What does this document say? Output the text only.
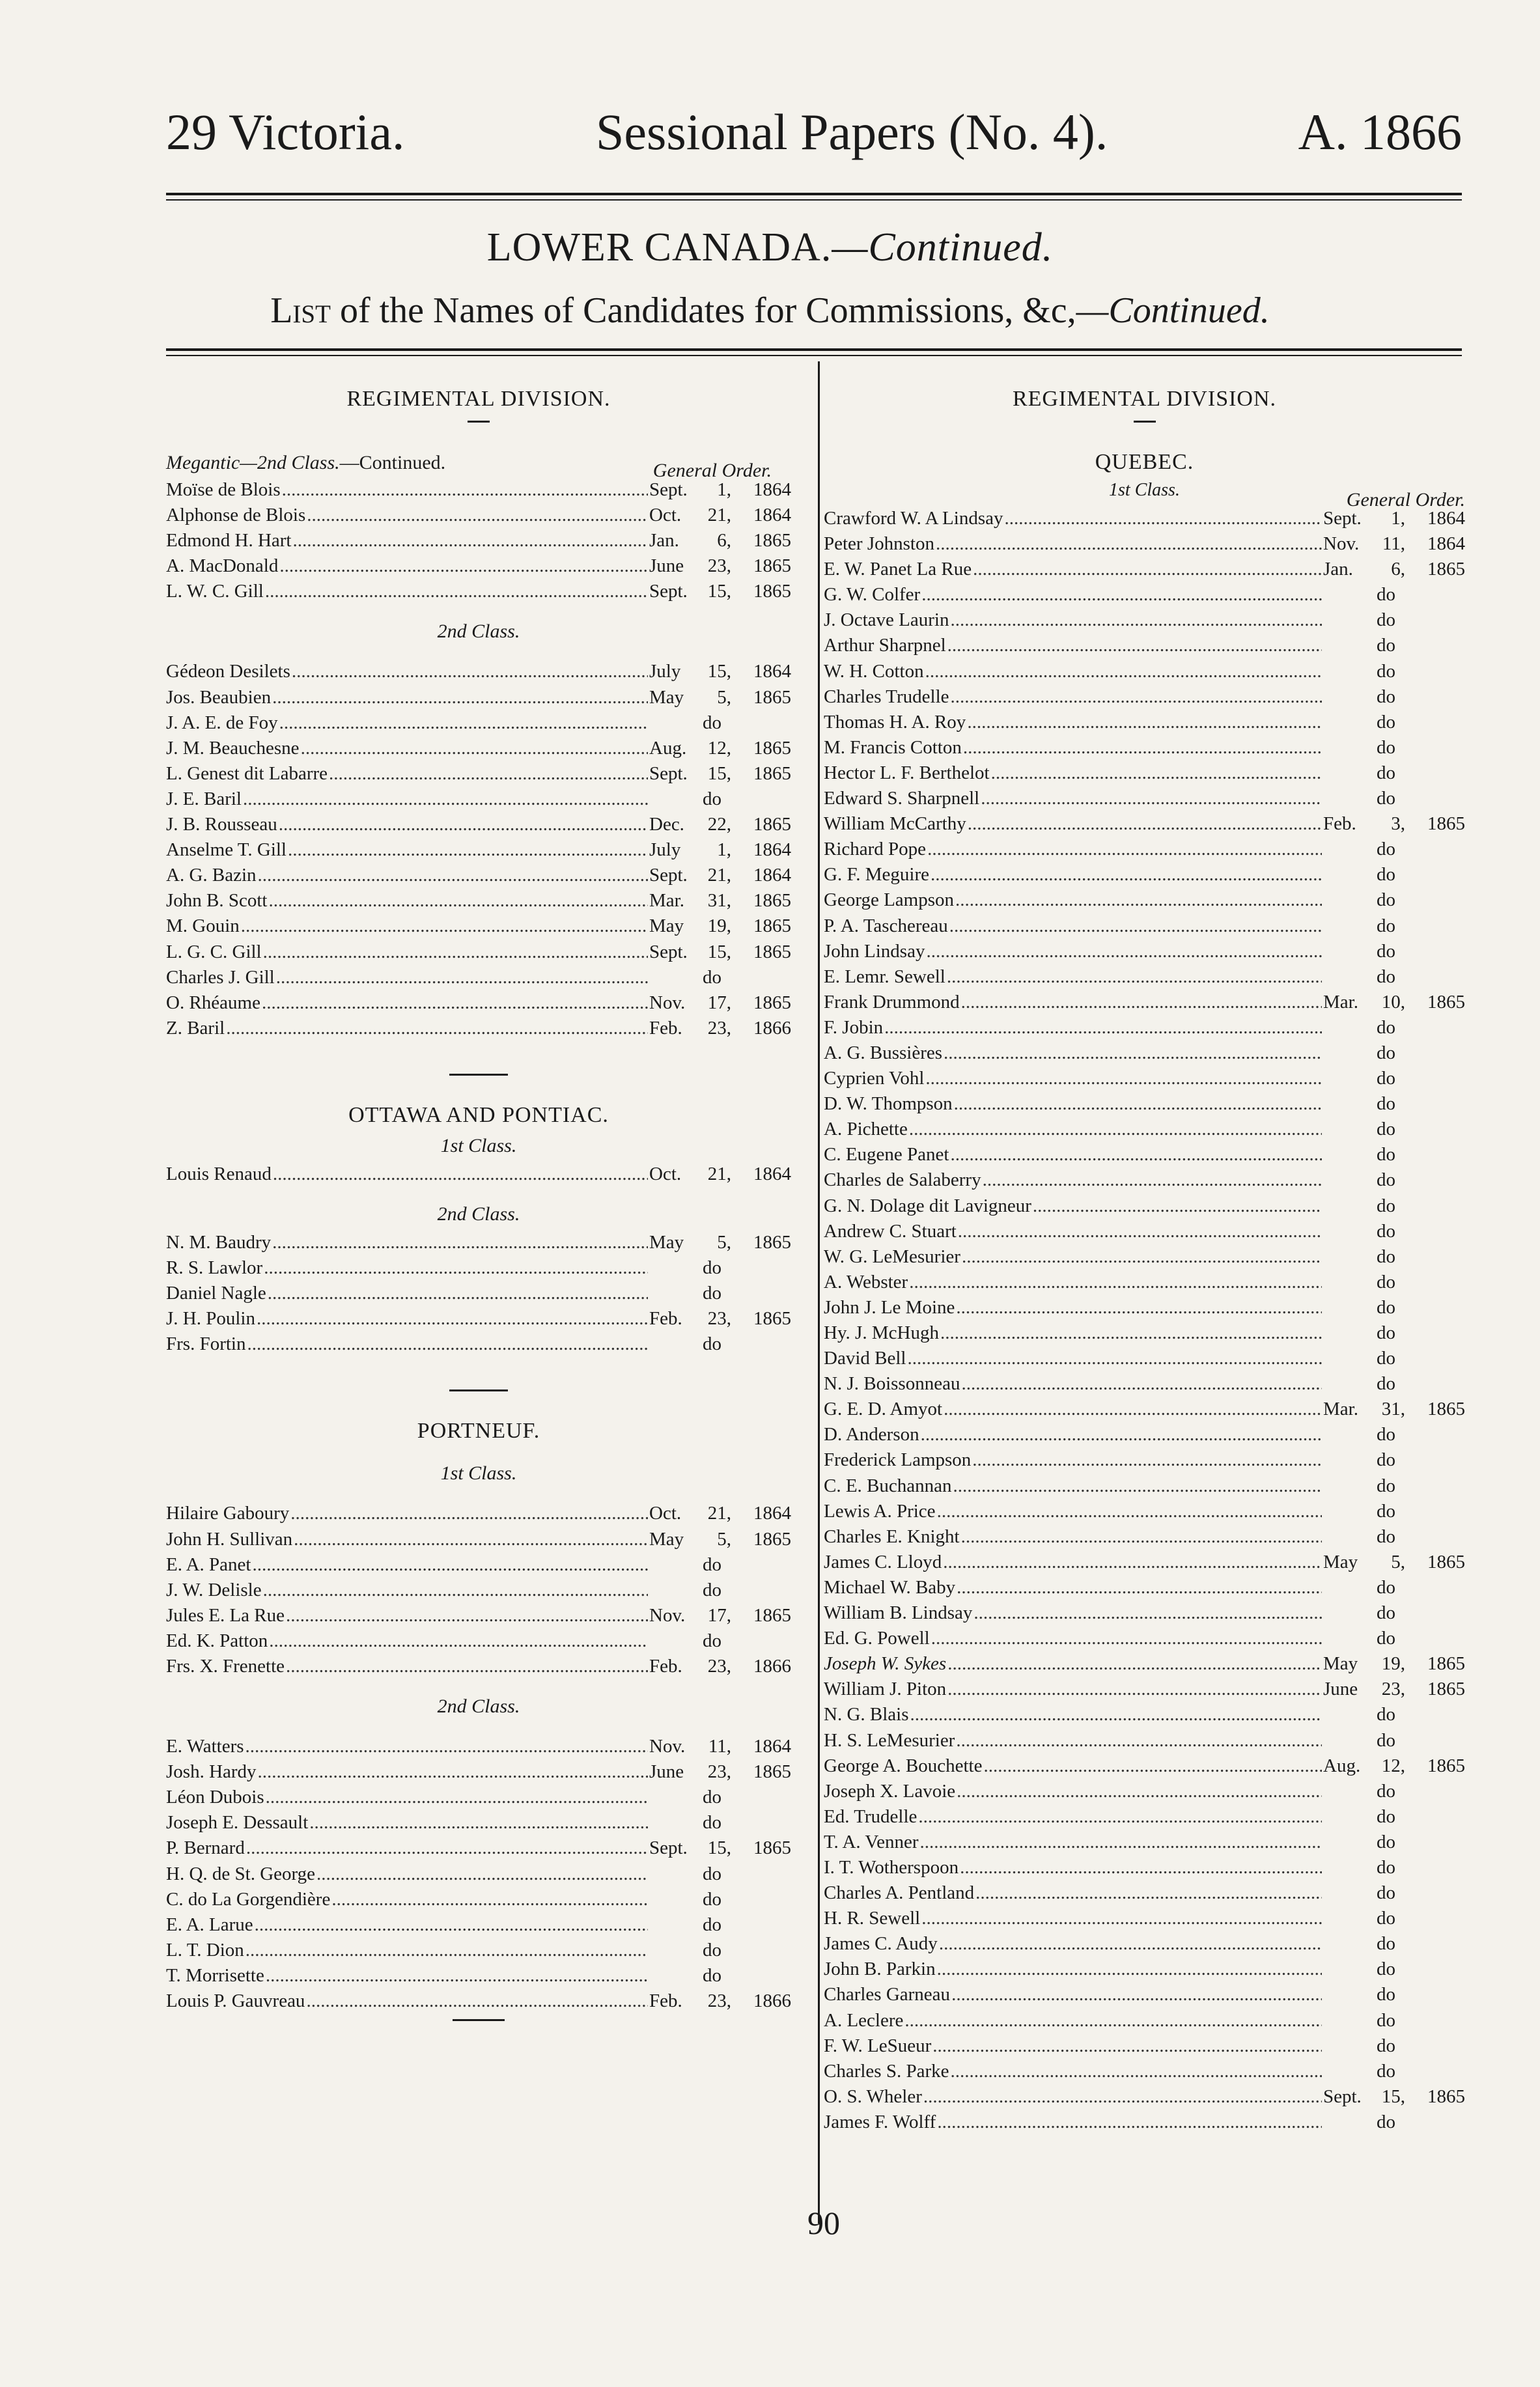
29 Victoria.	Sessional Papers (No. 4).	A. 1866
LOWER CANADA.—Continued.
List of the Names of Candidates for Commissions, &c,—Continued.
REGIMENTAL DIVISION.
Megantic—2nd Class.—Continued.	General Order.
Moïse de Blois .....	Sept.	1,	1864
Alphonse de Blois .....	Oct.	21,	1864
Edmond H. Hart .....	Jan.	6,	1865
A. MacDonald .....	June	23,	1865
L. W. C. Gill .....	Sept.	15,	1865
2nd Class.
Gédeon Desilets .....	July	15,	1864
Jos. Beaubien .....	May	5,	1865
J. A. E. de Foy .....	do
J. M. Beauchesne .....	Aug.	12,	1865
L. Genest dit Labarre .....	Sept.	15,	1865
J. E. Baril .....	do
J. B. Rousseau .....	Dec.	22,	1865
Anselme T. Gill .....	July	1,	1864
A. G. Bazin .....	Sept.	21,	1864
John B. Scott .....	Mar.	31,	1865
M. Gouin .....	May	19,	1865
L. G. C. Gill .....	Sept.	15,	1865
Charles J. Gill .....	do
O. Rhéaume .....	Nov.	17,	1865
Z. Baril .....	Feb.	23,	1866
OTTAWA AND PONTIAC.
1st Class.
Louis Renaud .....	Oct.	21,	1864
2nd Class.
N. M. Baudry .....	May	5,	1865
R. S. Lawlor .....	do
Daniel Nagle .....	do
J. H. Poulin .....	Feb.	23,	1865
Frs. Fortin .....	do
PORTNEUF.
1st Class.
Hilaire Gaboury .....	Oct.	21,	1864
John H. Sullivan .....	May	5,	1865
E. A. Panet .....	do
J. W. Delisle .....	do
Jules E. La Rue .....	Nov.	17,	1865
Ed. K. Patton .....	do
Frs. X. Frenette .....	Feb.	23,	1866
2nd Class.
E. Watters .....	Nov.	11,	1864
Josh. Hardy .....	June	23,	1865
Léon Dubois .....	do
Joseph E. Dessault .....	do
P. Bernard .....	Sept.	15,	1865
H. Q. de St. George .....	do
C. do La Gorgendière .....	do
E. A. Larue .....	do
L. T. Dion .....	do
T. Morrisette .....	do
Louis P. Gauvreau .....	Feb.	23,	1866
REGIMENTAL DIVISION.
QUEBEC.
1st Class.	General Order.
Crawford W. A Lindsay .....	Sept.	1,	1864
Peter Johnston .....	Nov.	11,	1864
E. W. Panet La Rue .....	Jan.	6,	1865
G. W. Colfer .....	do
J. Octave Laurin .....	do
Arthur Sharpnel .....	do
W. H. Cotton .....	do
Charles Trudelle .....	do
Thomas H. A. Roy .....	do
M. Francis Cotton .....	do
Hector L. F. Berthelot .....	do
Edward S. Sharpnell .....	do
William McCarthy .....	Feb.	3,	1865
Richard Pope .....	do
G. F. Meguire .....	do
George Lampson .....	do
P. A. Taschereau .....	do
John Lindsay .....	do
E. Lemr. Sewell .....	do
Frank Drummond .....	Mar.	10,	1865
F. Jobin .....	do
A. G. Bussières .....	do
Cyprien Vohl .....	do
D. W. Thompson .....	do
A. Pichette .....	do
C. Eugene Panet .....	do
Charles de Salaberry .....	do
G. N. Dolage dit Lavigneur .....	do
Andrew C. Stuart .....	do
W. G. LeMesurier .....	do
A. Webster .....	do
John J. Le Moine .....	do
Hy. J. McHugh .....	do
David Bell .....	do
N. J. Boissonneau .....	do
G. E. D. Amyot .....	Mar.	31,	1865
D. Anderson .....	do
Frederick Lampson .....	do
C. E. Buchannan .....	do
Lewis A. Price .....	do
Charles E. Knight .....	do
James C. Lloyd .....	May	5,	1865
Michael W. Baby .....	do
William B. Lindsay .....	do
Ed. G. Powell .....	do
Joseph W. Sykes .....	May	19,	1865
William J. Piton .....	June	23,	1865
N. G. Blais .....	do
H. S. LeMesurier .....	do
George A. Bouchette .....	Aug.	12,	1865
Joseph X. Lavoie .....	do
Ed. Trudelle .....	do
T. A. Venner .....	do
I. T. Wotherspoon .....	do
Charles A. Pentland .....	do
H. R. Sewell .....	do
James C. Audy .....	do
John B. Parkin .....	do
Charles Garneau .....	do
A. Leclere .....	do
F. W. LeSueur .....	do
Charles S. Parke .....	do
O. S. Wheler .....	Sept.	15,	1865
James F. Wolff .....	do
90
